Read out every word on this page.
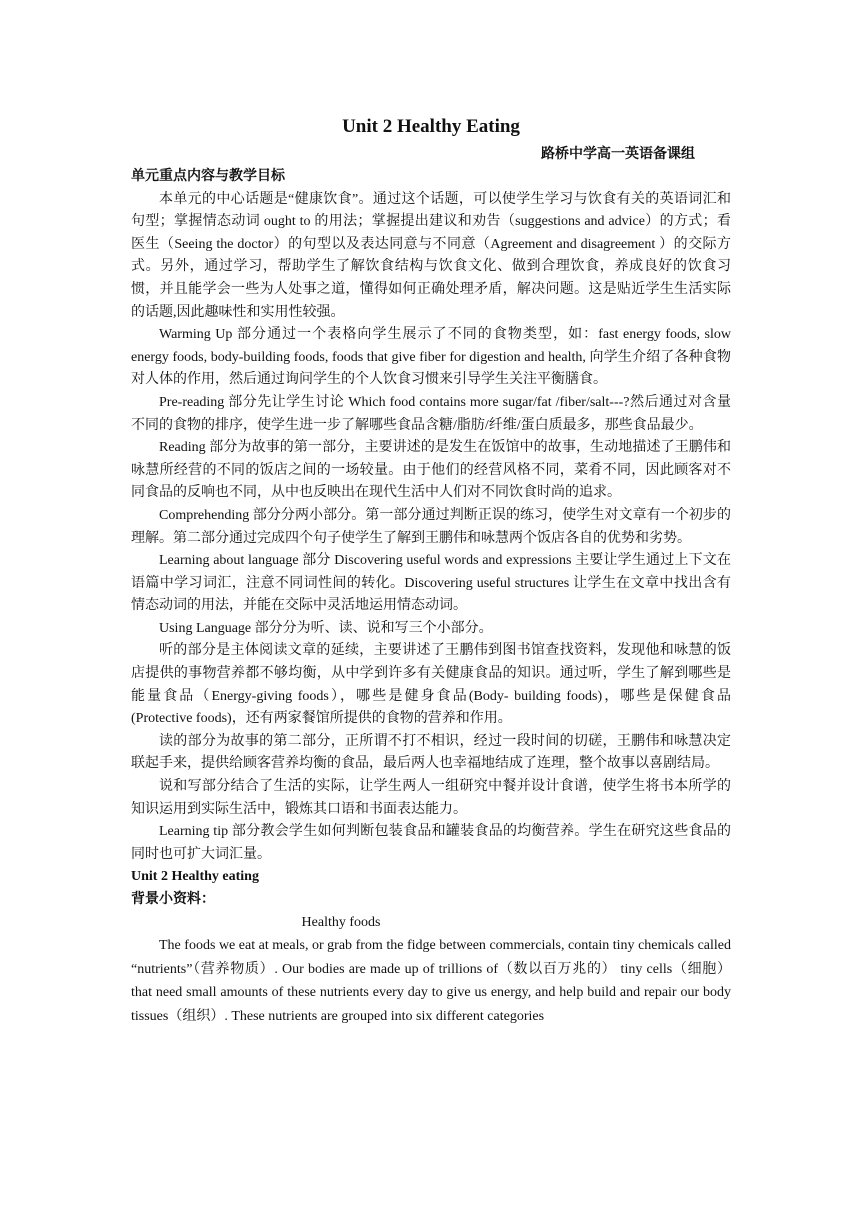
Unit 2 Healthy Eating
路桥中学高一英语备课组
单元重点内容与教学目标

本单元的中心话题是“健康饮食”。通过这个话题，可以使学生学习与饮食有关的英语词汇和句型；掌握情态动词 ought to 的用法；掌握提出建议和劝告（suggestions and advice）的方式；看医生（Seeing the doctor）的句型以及表达同意与不同意（Agreement and disagreement ）的交际方式。另外，通过学习，帮助学生了解饮食结构与饮食文化、做到合理饮食，养成良好的饮食习惯，并且能学会一些为人处事之道，懂得如何正确处理矛盾，解决问题。这是贴近学生生活实际的话题,因此趣味性和实用性较强。

Warming Up 部分通过一个表格向学生展示了不同的食物类型，如：fast energy foods, slow energy foods, body-building foods, foods that give fiber for digestion and health, 向学生介绍了各种食物对人体的作用，然后通过询问学生的个人饮食习惯来引导学生关注平衡膳食。

Pre-reading 部分先让学生讨论 Which food contains more sugar/fat /fiber/salt---?然后通过对含量不同的食物的排序，使学生进一步了解哪些食品含糖/脂肪/纤维/蛋白质最多，那些食品最少。

Reading 部分为故事的第一部分，主要讲述的是发生在饭馆中的故事，生动地描述了王鹏伟和咏慧所经营的不同的饭店之间的一场较量。由于他们的经营风格不同，菜肴不同，因此顾客对不同食品的反响也不同，从中也反映出在现代生活中人们对不同饮食时尚的追求。

Comprehending 部分分两小部分。第一部分通过判断正误的练习，使学生对文章有一个初步的理解。第二部分通过完成四个句子使学生了解到王鹏伟和咏慧两个饭店各自的优势和劣势。

Learning about language 部分 Discovering useful words and expressions 主要让学生通过上下文在语篇中学习词汇，注意不同词性间的转化。Discovering useful structures 让学生在文章中找出含有情态动词的用法，并能在交际中灵活地运用情态动词。

Using Language 部分分为听、读、说和写三个小部分。

听的部分是主体阅读文章的延续，主要讲述了王鹏伟到图书馆查找资料，发现他和咏慧的饭店提供的事物营养都不够均衡，从中学到许多有关健康食品的知识。通过听，学生了解到哪些是能量食品（Energy-giving foods），哪些是健身食品(Body- building foods)，哪些是保健食品(Protective foods)，还有两家餐馆所提供的食物的营养和作用。

读的部分为故事的第二部分，正所谓不打不相识，经过一段时间的切磋，王鹏伟和咏慧决定联起手来，提供给顾客营养均衡的食品，最后两人也幸福地结成了连理，整个故事以喜剧结局。

说和写部分结合了生活的实际，让学生两人一组研究中餐并设计食谱，使学生将书本所学的知识运用到实际生活中，锻炼其口语和书面表达能力。

Learning tip 部分教会学生如何判断包装食品和罐装食品的均衡营养。学生在研究这些食品的同时也可扩大词汇量。

Unit 2 Healthy eating
背景小资料：
Healthy foods

The foods we eat at meals, or grab from the fidge between commercials, contain tiny chemicals called “nutrients”（营养物质）. Our bodies are made up of trillions of（数以百万兆的） tiny cells（细胞） that need small amounts of these nutrients every day to give us energy, and help build and repair our body tissues（组织）. These nutrients are grouped into six different categories
